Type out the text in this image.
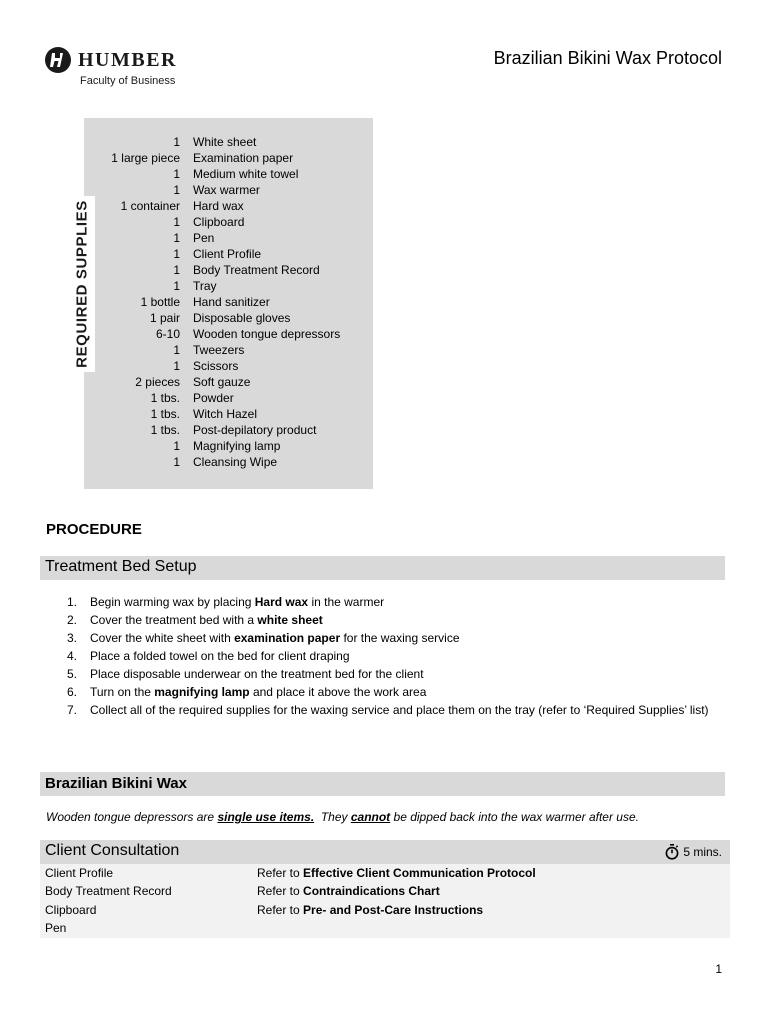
HUMBER
Faculty of Business
Brazilian Bikini Wax Protocol
REQUIRED SUPPLIES
1 White sheet
1 large piece Examination paper
1 Medium white towel
1 Wax warmer
1 container Hard wax
1 Clipboard
1 Pen
1 Client Profile
1 Body Treatment Record
1 Tray
1 bottle Hand sanitizer
1 pair Disposable gloves
6-10 Wooden tongue depressors
1 Tweezers
1 Scissors
2 pieces Soft gauze
1 tbs. Powder
1 tbs. Witch Hazel
1 tbs. Post-depilatory product
1 Magnifying lamp
1 Cleansing Wipe
PROCEDURE
Treatment Bed Setup
1. Begin warming wax by placing Hard wax in the warmer
2. Cover the treatment bed with a white sheet
3. Cover the white sheet with examination paper for the waxing service
4. Place a folded towel on the bed for client draping
5. Place disposable underwear on the treatment bed for the client
6. Turn on the magnifying lamp and place it above the work area
7. Collect all of the required supplies for the waxing service and place them on the tray (refer to ‘Required Supplies’ list)
Brazilian Bikini Wax
Wooden tongue depressors are single use items.  They cannot be dipped back into the wax warmer after use.
Client Consultation	5 mins.
Client Profile
Body Treatment Record
Clipboard
Pen
Refer to Effective Client Communication Protocol
Refer to Contraindications Chart
Refer to Pre- and Post-Care Instructions
1
